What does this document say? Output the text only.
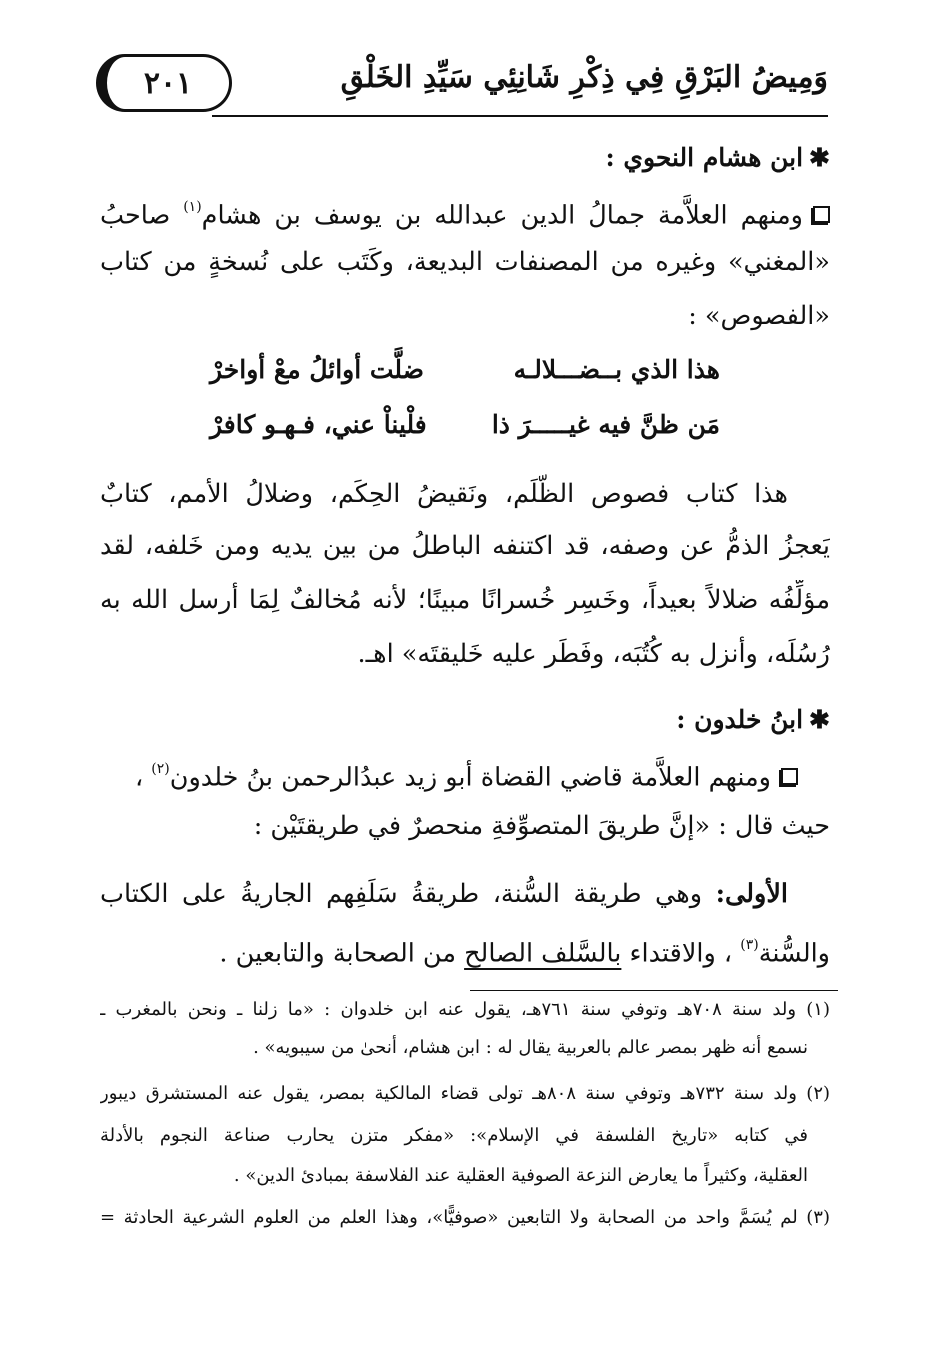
وَمِيضُ البَرْقِ فِي ذِكْرِ شَانِئِي سَيِّدِ الخَلْقِ
٢٠١
✱ابن هشام النحوي :
ومنهم العلاَّمة جمالُ الدين عبدالله بن يوسف بن هشام$^{(١)}$ صاحبُ
«المغني» وغيره من المصنفات البديعة، وكَتَب على نُسخةٍ من كتاب
«الفصوص» :
هذا الذي بــضـــلالـه
ضلَّت أوائلُ معْ أواخرْ
مَن ظنَّ فيه غيـــــرَ ذا
فلْيناْ عني، فـهـو كافرْ
هذا كتاب فصوص الظُّلَم، ونَقيضُ الحِكَم، وضلالُ الأمم، كتابٌ
يَعجزُ الذمُّ عن وصفه، قد اكتنفه الباطلُ من بين يديه ومن خَلفه، لقد
مؤلِّفُه ضلالاً بعيداً، وخَسِر خُسرانًا مبينًا؛ لأنه مُخالفٌ لِمَا أرسل الله به
رُسُلَه، وأنزل به كُتُبَه، وفَطَر عليه خَليقتَه» اهـ.
✱ابنُ خلدون :
ومنهم العلاَّمة قاضي القضاة أبو زيد عبدُالرحمن بنُ خلدون$^{(٢)}$ ،
حيث قال : «إنَّ طريقَ المتصوِّفةِ منحصرٌ في طريقتَيْن :
الأولى: وهي طريقة السُّنة، طريقةُ سَلَفِهم الجاريةُ على الكتاب
والسُّنة$^{(٣)}$ ، والاقتداء بالسَّلف الصالح من الصحابة والتابعين .
(١) ولد سنة ٧٠٨هـ وتوفي سنة ٧٦١هـ، يقول عنه ابن خلدوان : «ما زلنا ـ ونحن بالمغرب ـ
نسمع أنه ظهر بمصر عالم بالعربية يقال له : ابن هشام، أنحىٰ من سيبويه» .
(٢) ولد سنة ٧٣٢هـ وتوفي سنة ٨٠٨هـ تولى قضاء المالكية بمصر، يقول عنه المستشرق ديبور
في كتابه «تاريخ الفلسفة في الإسلام»: «مفكر متزن يحارب صناعة النجوم بالأدلة
العقلية، وكثيراً ما يعارض النزعة الصوفية العقلية عند الفلاسفة بمبادئ الدين» .
(٣) لم يُسَمَّ واحد من الصحابة ولا التابعين «صوفيًّا»، وهذا العلم من العلوم الشرعية الحادثة =
